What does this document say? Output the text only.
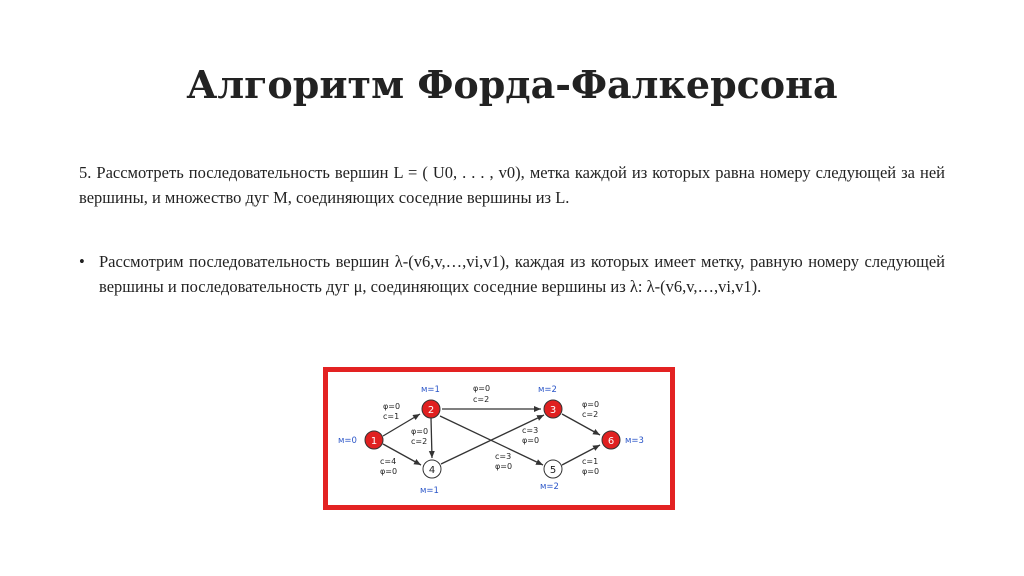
Алгоритм Форда-Фалкерсона
5. Рассмотреть последовательность вершин L = ( U0, . . . , v0), метка каждой из которых равна номеру следующей за ней вершины, и множество дуг M, соединяющих соседние вершины из L.
• Рассмотрим последовательность вершин λ-(v6,v,…,vi,v1), каждая из которых имеет метку, равную номеру следующей вершины и последовательность дуг μ, соединяющих соседние вершины из λ: λ-(v6,v,…,vi,v1).
1
2	3
4	5
6
м=0
м=1	м=2
м=1	м=2
м=3
φ=0
c=1
c=4
φ=0
φ=0
c=2
φ=0
c=2
c=3
φ=0
c=3
φ=0
φ=0
c=2
c=1
φ=0
